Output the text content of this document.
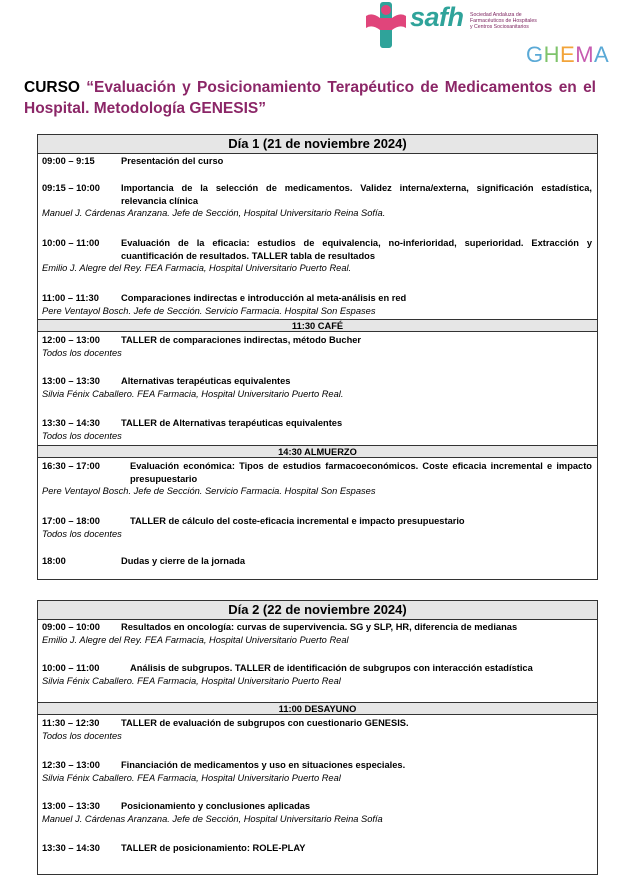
safh Sociedad Andaluza de
Farmacéuticos de Hospitales
y Centros Sociosanitarios
GHEMA
CURSO “Evaluación y Posicionamiento Terapéutico de Medicamentos en el Hospital. Metodología GENESIS”
Día 1 (21 de noviembre 2024)
09:00 – 9:15	Presentación del curso
09:15 – 10:00 Importancia de la selección de medicamentos. Validez interna/externa, significación estadística, relevancia clínica
Manuel J. Cárdenas Aranzana. Jefe de Sección, Hospital Universitario Reina Sofía.
10:00 – 11:00 Evaluación de la eficacia: estudios de equivalencia, no-inferioridad, superioridad. Extracción y cuantificación de resultados. TALLER tabla de resultados
Emilio J. Alegre del Rey. FEA Farmacia, Hospital Universitario Puerto Real.
11:00 – 11:30 Comparaciones indirectas e introducción al meta-análisis en red
Pere Ventayol Bosch. Jefe de Sección. Servicio Farmacia. Hospital Son Espases
11:30 CAFÉ
12:00 – 13:00 TALLER de comparaciones indirectas, método Bucher
Todos los docentes
13:00 – 13:30 Alternativas terapéuticas equivalentes
Silvia Fénix Caballero. FEA Farmacia, Hospital Universitario Puerto Real.
13:30 – 14:30 TALLER de Alternativas terapéuticas equivalentes
Todos los docentes
14:30 ALMUERZO
16:30 – 17:00	Evaluación económica: Tipos de estudios farmacoeconómicos. Coste eficacia incremental e impacto presupuestario
Pere Ventayol Bosch. Jefe de Sección. Servicio Farmacia. Hospital Son Espases
17:00 – 18:00	TALLER de cálculo del coste-eficacia incremental e impacto presupuestario
Todos los docentes
18:00	Dudas y cierre de la jornada
Día 2 (22 de noviembre 2024)
09:00 – 10:00 Resultados en oncología: curvas de supervivencia. SG y SLP, HR, diferencia de medianas
Emilio J. Alegre del Rey. FEA Farmacia, Hospital Universitario Puerto Real
10:00 – 11:00	Análisis de subgrupos. TALLER de identificación de subgrupos con interacción estadística
Silvia Fénix Caballero. FEA Farmacia, Hospital Universitario Puerto Real
11:00 DESAYUNO
11:30 – 12:30 TALLER de evaluación de subgrupos con cuestionario GENESIS.
Todos los docentes
12:30 – 13:00 Financiación de medicamentos y uso en situaciones especiales.
Silvia Fénix Caballero. FEA Farmacia, Hospital Universitario Puerto Real
13:00 – 13:30 Posicionamiento y conclusiones aplicadas
Manuel J. Cárdenas Aranzana. Jefe de Sección, Hospital Universitario Reina Sofía
13:30 – 14:30 TALLER de posicionamiento: ROLE-PLAY
